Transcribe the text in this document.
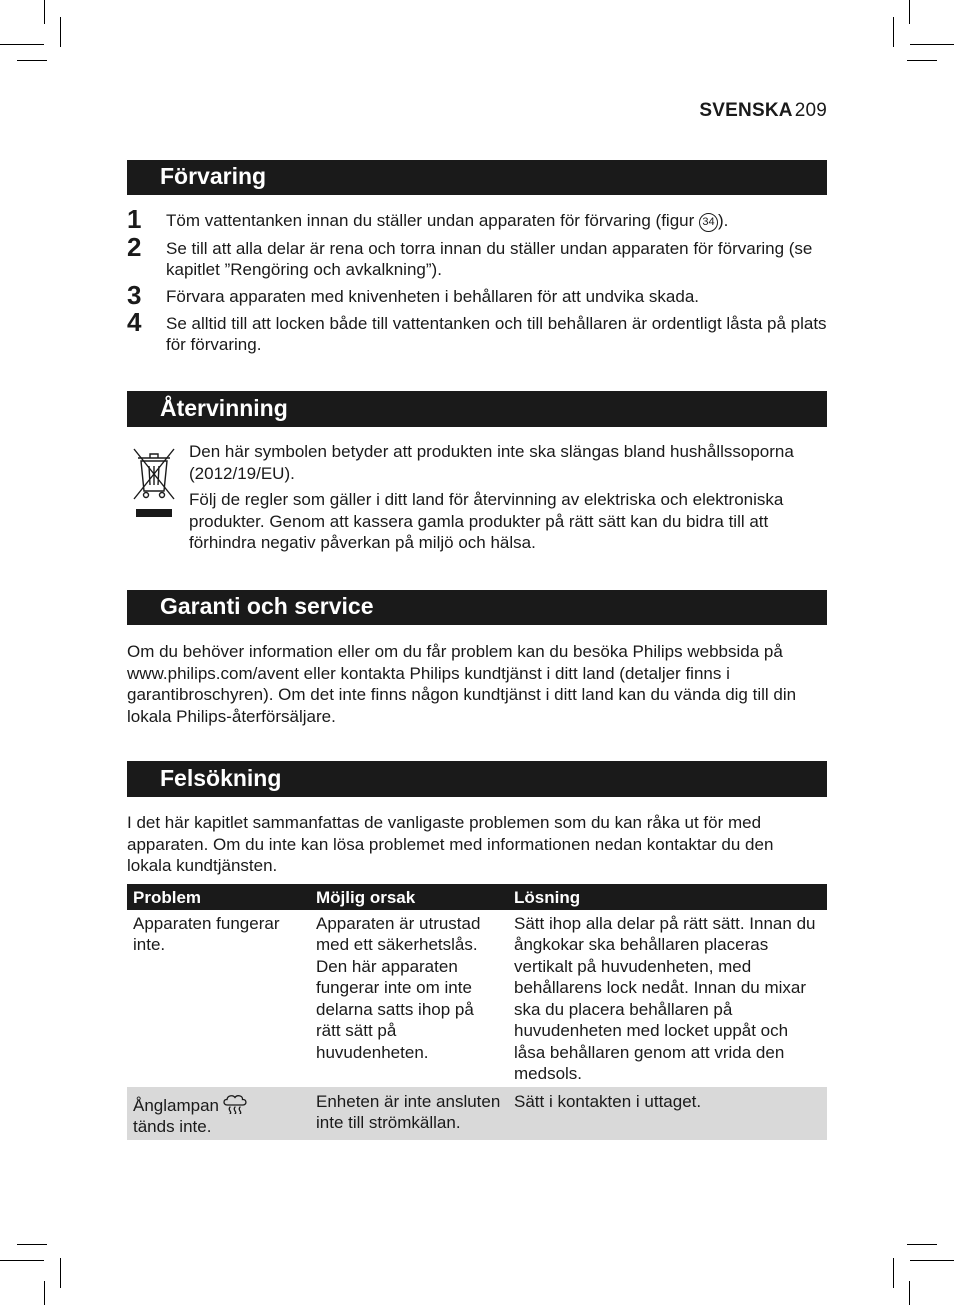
SVENSKA 209
Förvaring
1 Töm vattentanken innan du ställer undan apparaten för förvaring (figur 34 ).
2 Se till att alla delar är rena och torra innan du ställer undan apparaten för förvaring (se kapitlet ”Rengöring och avkalkning”).
3 Förvara apparaten med knivenheten i behållaren för att undvika skada.
4 Se alltid till att locken både till vattentanken och till behållaren är ordentligt låsta på plats för förvaring.
Återvinning

Den här symbolen betyder att produkten inte ska slängas bland hushållssoporna (2012/19/EU).

Följ de regler som gäller i ditt land för återvinning av elektriska och elektroniska produkter. Genom att kassera gamla produkter på rätt sätt kan du bidra till att förhindra negativ påverkan på miljö och hälsa.

Garanti och service

Om du behöver information eller om du får problem kan du besöka Philips webbsida på www.philips.com/avent eller kontakta Philips kundtjänst i ditt land (detaljer finns i garantibroschyren). Om det inte finns någon kundtjänst i ditt land kan du vända dig till din lokala Philips-återförsäljare.

Felsökning

I det här kapitlet sammanfattas de vanligaste problemen som du kan råka ut för med apparaten. Om du inte kan lösa problemet med informationen nedan kontaktar du den lokala kundtjänsten.

Problem	Möjlig orsak	Lösning
Apparaten fungerar inte.	Apparaten är utrustad med ett säkerhetslås. Den här apparaten fungerar inte om inte delarna satts ihop på rätt sätt på huvudenheten.	Sätt ihop alla delar på rätt sätt. Innan du ångkokar ska behållaren placeras vertikalt på huvudenheten, med behållarens lock nedåt. Innan du mixar ska du placera behållaren på huvudenheten med locket uppåt och låsa behållaren genom att vrida den medsols.
Ånglampan
tänds inte.	Enheten är inte ansluten inte till strömkällan.	Sätt i kontakten i uttaget.
